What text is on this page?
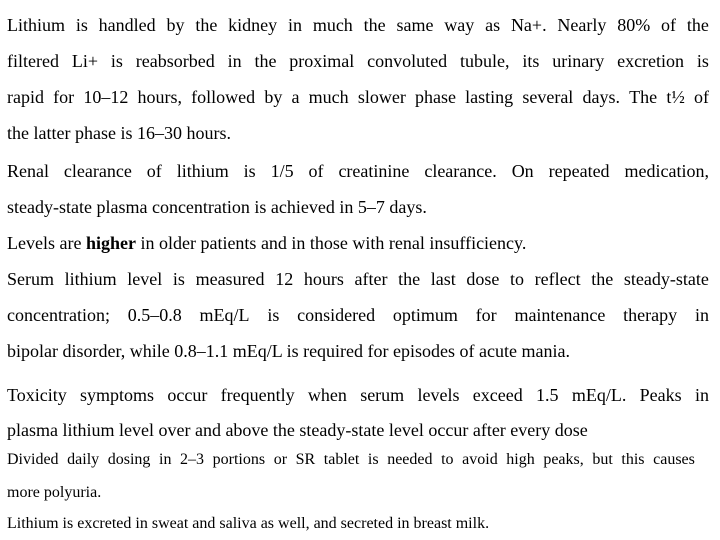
Lithium is handled by the kidney in much the same way as Na+. Nearly 80% of the
filtered Li+ is reabsorbed in the proximal convoluted tubule, its urinary excretion is
rapid for 10–12 hours, followed by a much slower phase lasting several days. The t½ of
the latter phase is 16–30 hours.
Renal clearance of lithium is 1/5 of creatinine clearance. On repeated medication,
steady-state plasma concentration is achieved in 5–7 days.
Levels are higher in older patients and in those with renal insufficiency.
Serum lithium level is measured 12 hours after the last dose to reflect the steady-state
concentration; 0.5–0.8 mEq/L is considered optimum for maintenance therapy in
bipolar disorder, while 0.8–1.1 mEq/L is required for episodes of acute mania.
Toxicity symptoms occur frequently when serum levels exceed 1.5 mEq/L. Peaks in
plasma lithium level over and above the steady-state level occur after every dose
Divided daily dosing in 2–3 portions or SR tablet is needed to avoid high peaks, but this causes
more polyuria.
Lithium is excreted in sweat and saliva as well, and secreted in breast milk.
